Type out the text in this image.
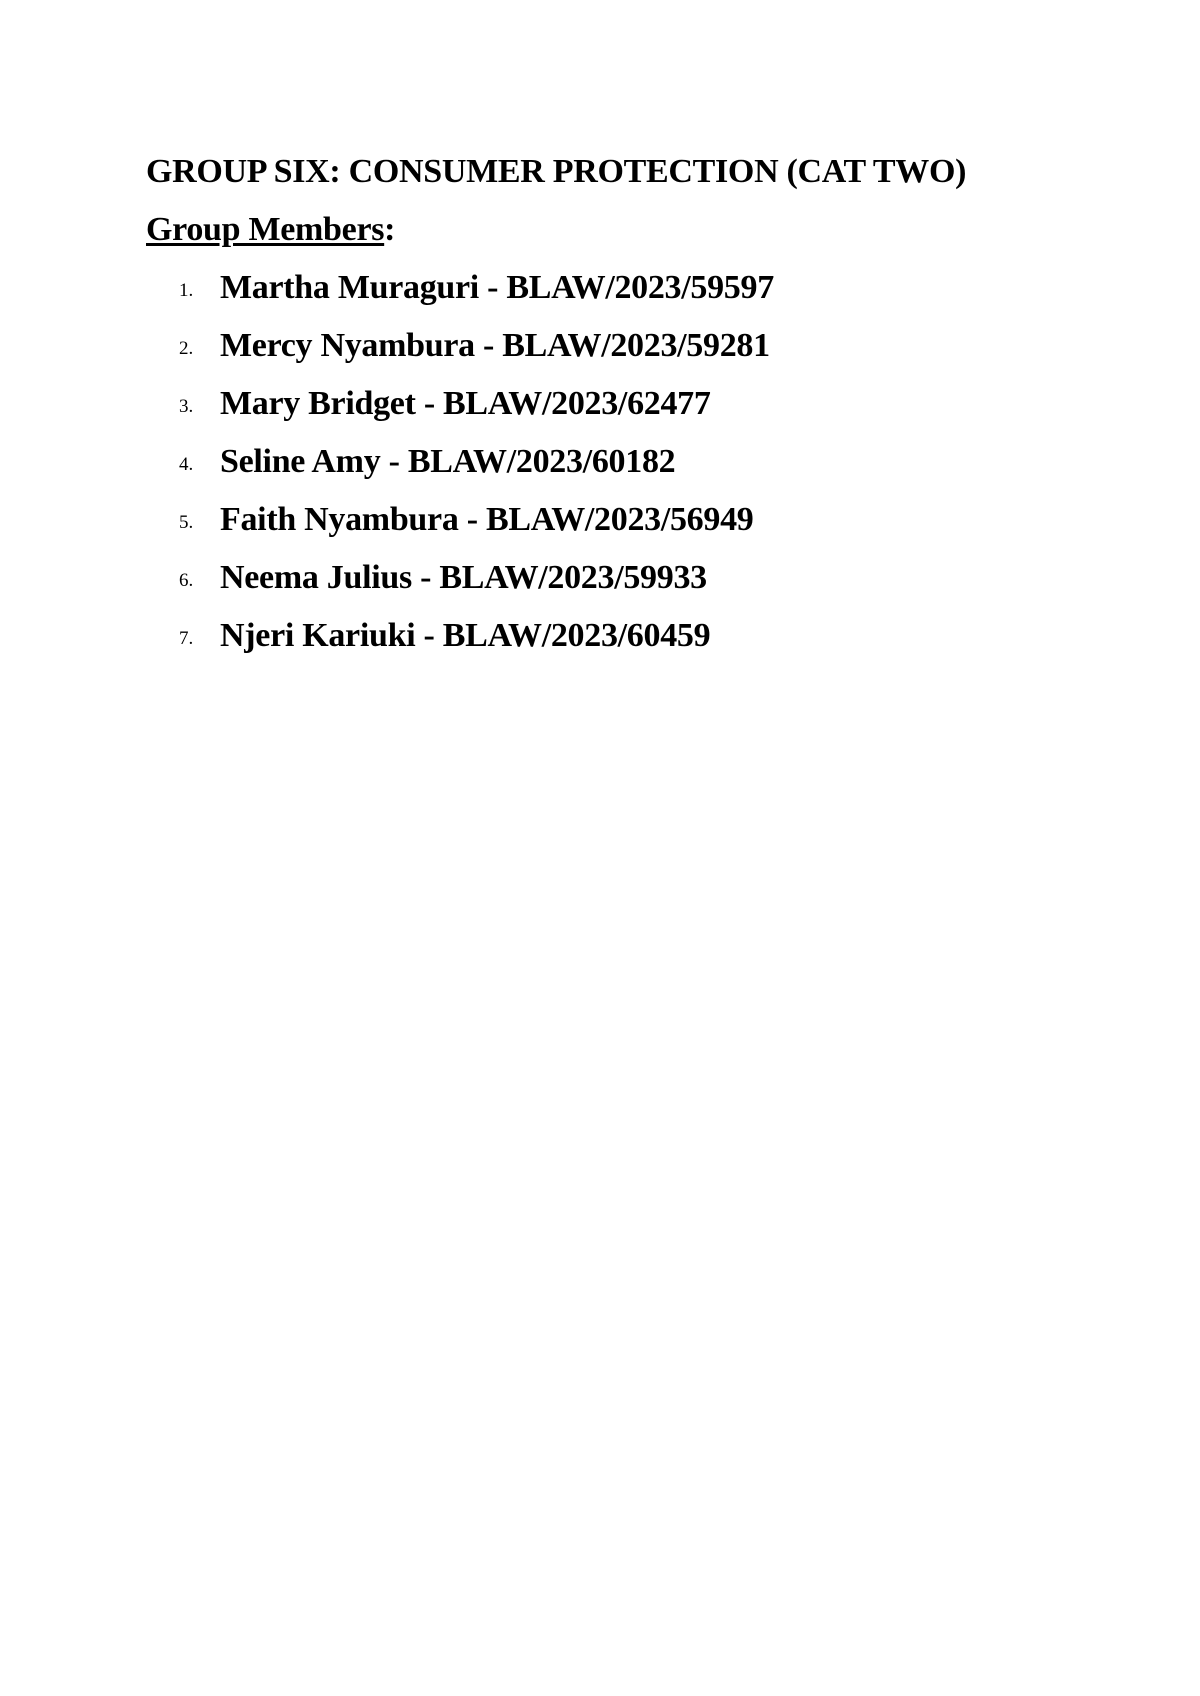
GROUP SIX: CONSUMER PROTECTION (CAT TWO)

Group Members:

1. Martha Muraguri - BLAW/2023/59597
2. Mercy Nyambura - BLAW/2023/59281
3. Mary Bridget - BLAW/2023/62477
4. Seline Amy - BLAW/2023/60182
5. Faith Nyambura - BLAW/2023/56949
6. Neema Julius - BLAW/2023/59933
7. Njeri Kariuki - BLAW/2023/60459
